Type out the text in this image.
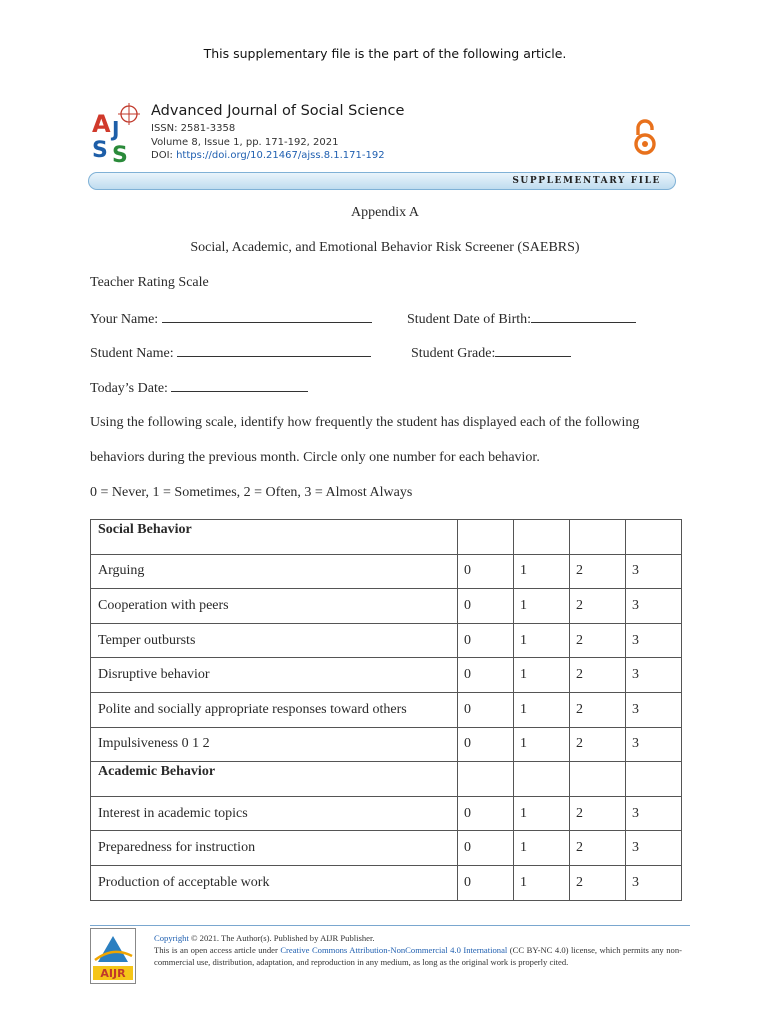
This supplementary file is the part of the following article.
A J
S S
Advanced Journal of Social Science
ISSN: 2581-3358
Volume 8, Issue 1, pp. 171-192, 2021
DOI: https://doi.org/10.21467/ajss.8.1.171-192
SUPPLEMENTARY FILE
Appendix A
Social, Academic, and Emotional Behavior Risk Screener (SAEBRS)
Teacher Rating Scale
Your Name:	Student Date of Birth:
Student Name:	Student Grade:
Today’s Date:
Using the following scale, identify how frequently the student has displayed each of the following
behaviors during the previous month. Circle only one number for each behavior.
0 = Never, 1 = Sometimes, 2 = Often, 3 = Almost Always
Social Behavior				
Arguing	0	1	2	3
Cooperation with peers	0	1	2	3
Temper outbursts	0	1	2	3
Disruptive behavior	0	1	2	3
Polite and socially appropriate responses toward others	0	1	2	3
Impulsiveness 0 1 2	0	1	2	3
Academic Behavior				
Interest in academic topics	0	1	2	3
Preparedness for instruction	0	1	2	3
Production of acceptable work	0	1	2	3
AIJR
Copyright © 2021. The Author(s). Published by AIJR Publisher.
This is an open access article under Creative Commons Attribution-NonCommercial 4.0 International (CC BY-NC 4.0) license, which permits any non-commercial use, distribution, adaptation, and reproduction in any medium, as long as the original work is properly cited.
